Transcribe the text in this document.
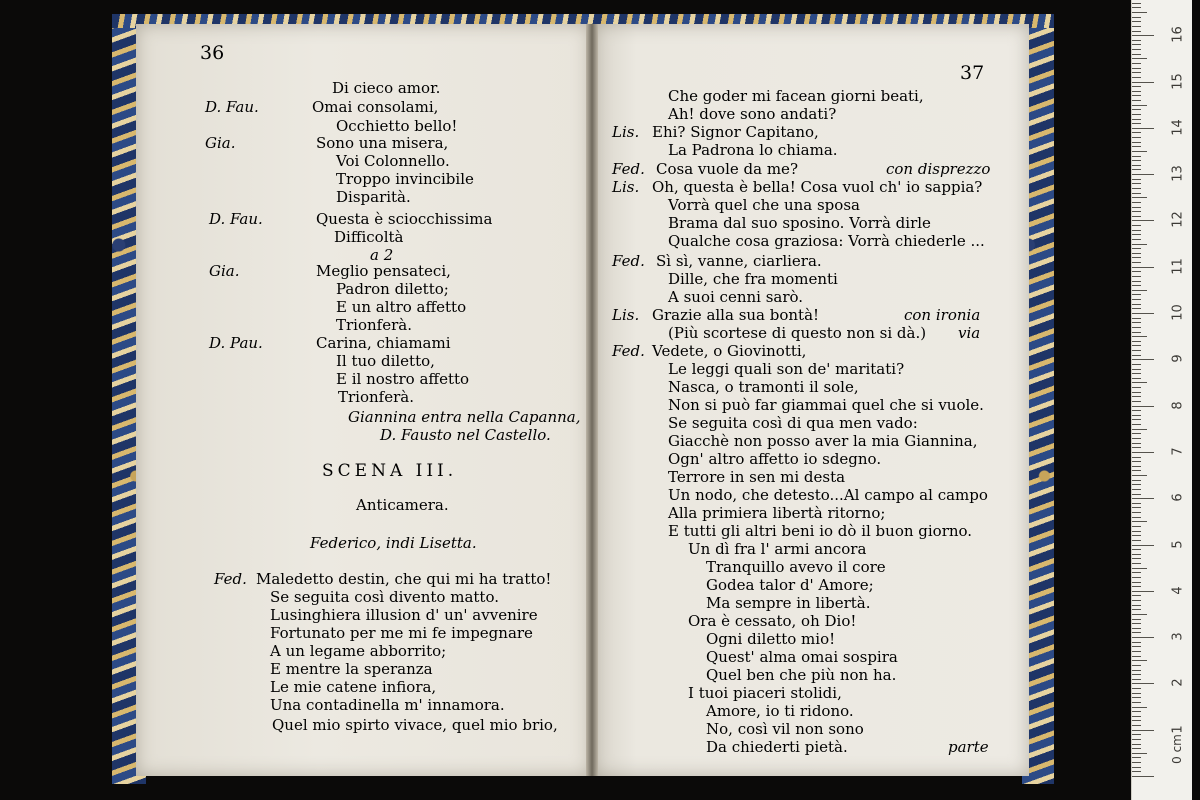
0 cm
16
15
14
13
12
11
10
9
8
7
6
5
4
3
2
1
36
Di cieco amor.
D. Fau.	Omai consolami,
Occhietto bello!
Gia.	Sono una misera,
Voi Colonnello.
Troppo invincibile
Disparità.
D. Fau.	Questa è sciocchissima
Difficoltà
a 2
Gia.	Meglio pensateci,
Padron diletto;
E un altro affetto
Trionferà.
D. Pau.	Carina, chiamami
Il tuo diletto,
E il nostro affetto
Trionferà.
Giannina entra nella Capanna,
D. Fausto nel Castello.
SCENA III.
Anticamera.
Federico, indi Lisetta.
Fed. Maledetto destin, che qui mi ha tratto!
Se seguita così divento matto.
Lusinghiera illusion d' un' avvenire
Fortunato per me mi fe impegnare
A un legame abborrito;
E mentre la speranza
Le mie catene infiora,
Una contadinella m' innamora.
Quel mio spirto vivace, quel mio brio,
37
Che goder mi facean giorni beati,
Ah! dove sono andati?
Lis. Ehi? Signor Capitano,
La Padrona lo chiama.
Fed. Cosa vuole da me?	con disprezzo
Lis. Oh, questa è bella! Cosa vuol ch' io sappia?
Vorrà quel che una sposa
Brama dal suo sposino. Vorrà dirle
Qualche cosa graziosa: Vorrà chiederle ...
Fed. Sì sì, vanne, ciarliera.
Dille, che fra momenti
A suoi cenni sarò.
Lis. Grazie alla sua bontà!	con ironia
(Più scortese di questo non si dà.) via
Fed. Vedete, o Giovinotti,
Le leggi quali son de' maritati?
Nasca, o tramonti il sole,
Non si può far giammai quel che si vuole.
Se seguita così di qua men vado:
Giacchè non posso aver la mia Giannina,
Ogn' altro affetto io sdegno.
Terrore in sen mi desta
Un nodo, che detesto...Al campo al campo
Alla primiera libertà ritorno;
E tutti gli altri beni io dò il buon giorno.
Un dì fra l' armi ancora
Tranquillo avevo il core
Godea talor d' Amore;
Ma sempre in libertà.
Ora è cessato, oh Dio!
Ogni diletto mio!
Quest' alma omai sospira
Quel ben che più non ha.
I tuoi piaceri stolidi,
Amore, io ti ridono.
No, così vil non sono
Da chiederti pietà.	parte
